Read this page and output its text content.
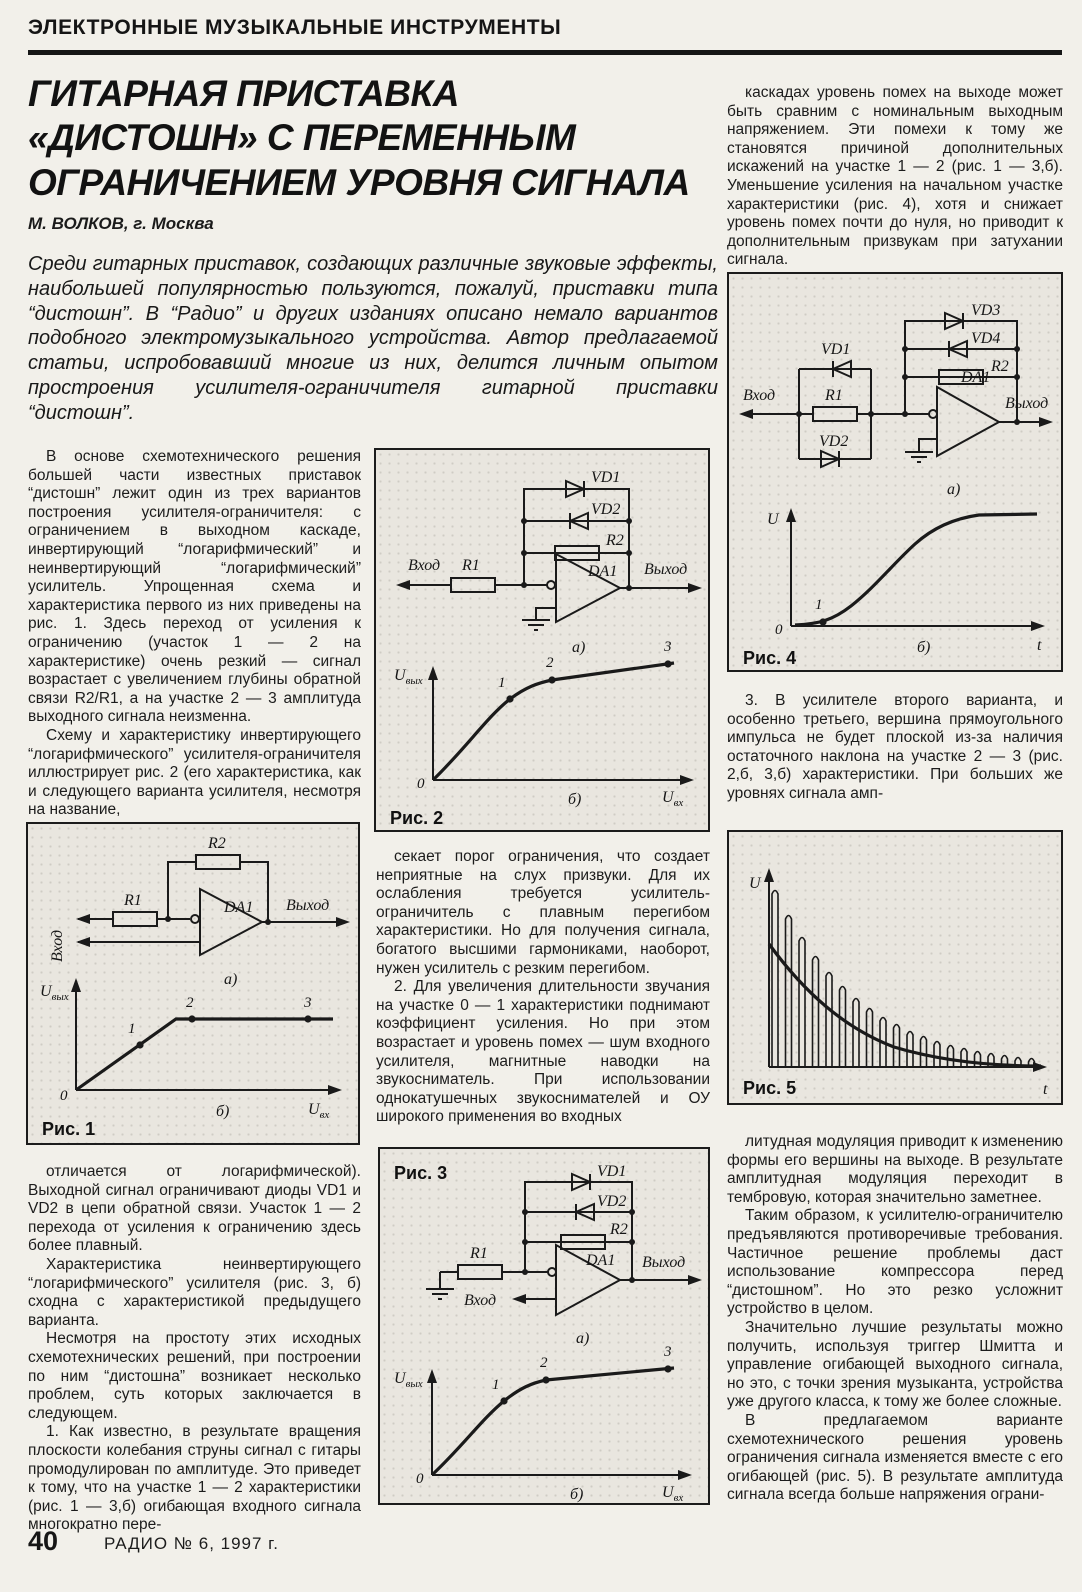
ЭЛЕКТРОННЫЕ МУЗЫКАЛЬНЫЕ ИНСТРУМЕНТЫ
ГИТАРНАЯ ПРИСТАВКА
«ДИСТОШН» С ПЕРЕМЕННЫМ
ОГРАНИЧЕНИЕМ УРОВНЯ СИГНАЛА
М. ВОЛКОВ, г. Москва
Среди гитарных приставок, создающих различные звуковые эффекты, наибольшей популярностью пользуются, пожалуй, приставки типа “дистошн”. В “Радио” и других изданиях описано немало вариантов подобного электромузыкального устройства. Автор предлагаемой статьи, испробовавший многие из них, делится личным опытом простроения усилителя-ограничителя гитарной приставки “дистошн”.

В основе схемотехнического решения большей части известных приставок “дистошн” лежит один из трех вариантов построения усилителя-ограничителя: с ограничением в выходном каскаде, инвертирующий “логарифмический” и неинвертирующий “логарифмический” усилитель. Упрощенная схема и характеристика первого из них приведены на рис. 1. Здесь переход от усиления к ограничению (участок 1 — 2 на характеристике) очень резкий — сигнал возрастает с увеличением глубины обратной связи R2/R1, а на участке 2 — 3 амплитуда выходного сигнала неизменна.

Схему и характеристику инвертирующего “логарифмического” усилителя-ограничителя иллюстрирует рис. 2 (его характеристика, как и следующего варианта усилителя, несмотря на название,

Вход
R1
R2
DA1 Выход
а)
$U_{вых}$
0
1
2	3
б)	$U_{вх}$
Рис. 1

отличается от логарифмической). Выходной сигнал ограничивают диоды VD1 и VD2 в цепи обратной связи. Участок 1 — 2 перехода от усиления к ограничению здесь более плавный.

Характеристика неинвертирующего “логарифмического” усилителя (рис. 3, б) сходна с характеристикой предыдущего варианта.

Несмотря на простоту этих исходных схемотехнических решений, при построении по ним “дистошна” возникает несколько проблем, суть которых заключается в следующем.

1. Как известно, в результате вращения плоскости колебания струны сигнал с гитары промодулирован по амплитуде. Это приведет к тому, что на участке 1 — 2 характеристики (рис. 1 — 3,б) огибающая входного сигнала многократно пере-

Вход R1
VD1
VD2
R2
DA1 Выход
а)
$U_{вых}$
0
1
2
3
б)	$U_{вх}$
Рис. 2

секает порог ограничения, что создает неприятные на слух призвуки. Для их ослабления требуется усилитель-ограничитель с плавным перегибом характеристики. Но для получения сигнала, богатого высшими гармониками, наоборот, нужен усилитель с резким перегибом.

2. Для увеличения длительности звучания на участке 0 — 1 характеристики поднимают коэффициент усиления. Но при этом возрастает и уровень помех — шум входного усилителя, магнитные наводки на звукосниматель. При использовании однокатушечных звукоснимателей и ОУ широкого применения во входных

Рис. 3
R1
VD1
VD2
R2
DA1
Вход
Выход
а)
$U_{вых}$
0
1
2
3
б)	$U_{вх}$

каскадах уровень помех на выходе может быть сравним с номинальным выходным напряжением. Эти помехи к тому же становятся причиной дополнительных искажений на участке 1 — 2 (рис. 1 — 3,б). Уменьшение усиления на начальном участке характеристики (рис. 4), хотя и снижает уровень помех почти до нуля, но приводит к дополнительным призвукам при затухании сигнала.

Вход
VD1
R1
VD2
VD3
VD4
R2
DA1
Выход
а)
U
0
1
б)	t
Рис. 4

3. В усилителе второго варианта, и особенно третьего, вершина прямоугольного импульса не будет плоской из-за наличия остаточного наклона на участке 2 — 3 (рис. 2,б, 3,б) характеристики. При больших же уровнях сигнала амп-

U
t
Рис. 5

литудная модуляция приводит к изменению формы его вершины на выходе. В результате амплитудная модуляция переходит в тембровую, которая значительно заметнее.

Таким образом, к усилителю-ограничителю предъявляются противоречивые требования. Частичное решение проблемы даст использование компрессора перед “дистошном”. Но это резко усложнит устройство в целом.

Значительно лучшие результаты можно получить, используя триггер Шмитта и управление огибающей выходного сигнала, но это, с точки зрения музыканта, устройства уже другого класса, к тому же более сложные.

В предлагаемом варианте схемотехнического решения уровень ограничения сигнала изменяется вместе с его огибающей (рис. 5). В результате амплитуда сигнала всегда больше напряжения ограни-

40	РАДИО № 6, 1997 г.
